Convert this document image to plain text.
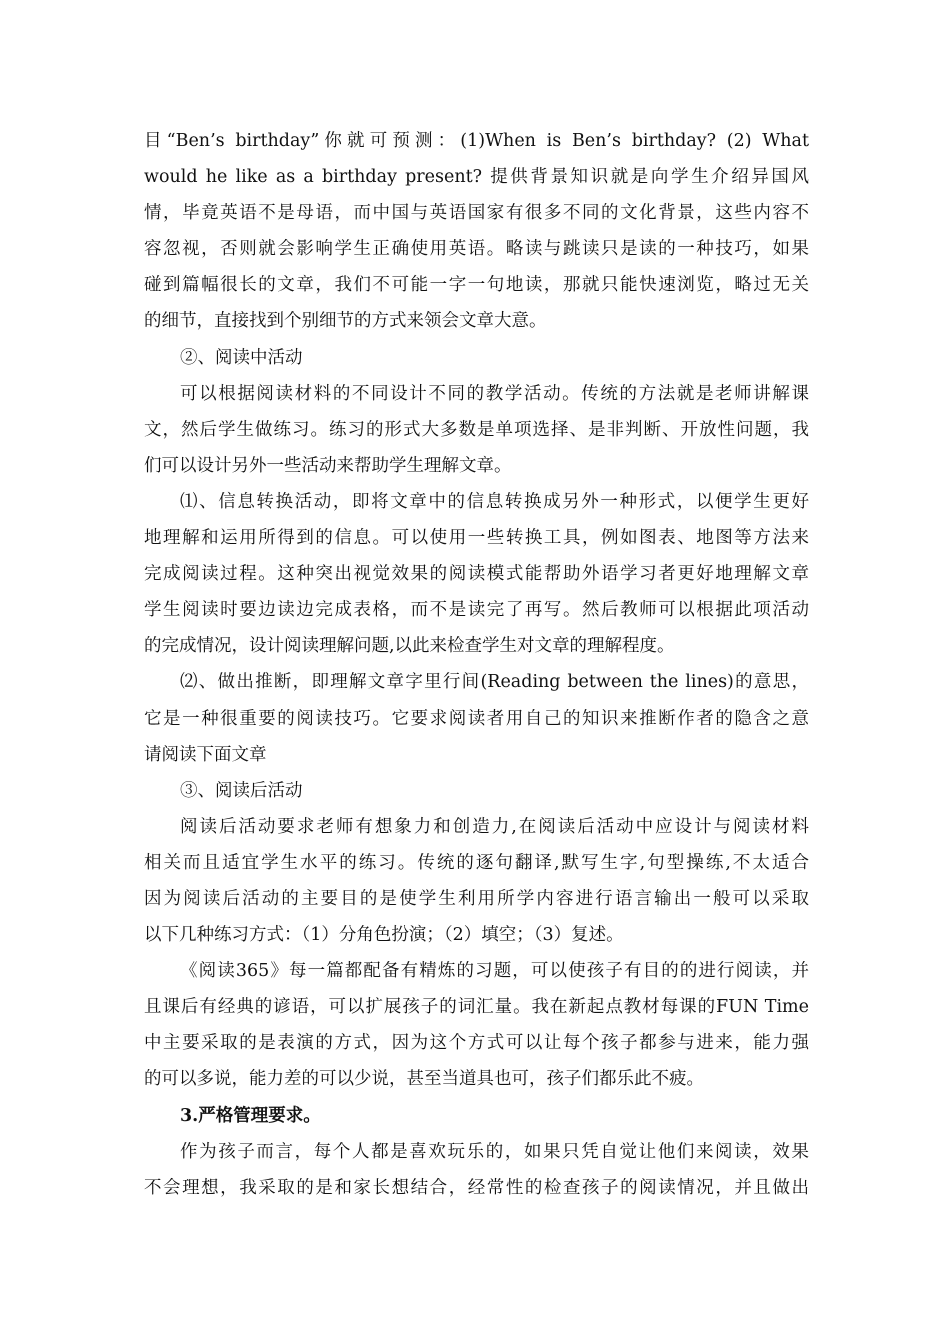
目“Ben’s birthday”你就可预测：(1)When is Ben’s birthday? (2) What
would he like as a birthday present? 提供背景知识就是向学生介绍异国风
情，毕竟英语不是母语，而中国与英语国家有很多不同的文化背景，这些内容不
容忽视，否则就会影响学生正确使用英语。略读与跳读只是读的一种技巧，如果
碰到篇幅很长的文章，我们不可能一字一句地读，那就只能快速浏览，略过无关
的细节，直接找到个别细节的方式来领会文章大意。
②、阅读中活动
可以根据阅读材料的不同设计不同的教学活动。传统的方法就是老师讲解课
文，然后学生做练习。练习的形式大多数是单项选择、是非判断、开放性问题，我
们可以设计另外一些活动来帮助学生理解文章。
⑴、信息转换活动，即将文章中的信息转换成另外一种形式，以便学生更好
地理解和运用所得到的信息。可以使用一些转换工具，例如图表、地图等方法来
完成阅读过程。这种突出视觉效果的阅读模式能帮助外语学习者更好地理解文章
学生阅读时要边读边完成表格，而不是读完了再写。然后教师可以根据此项活动
的完成情况，设计阅读理解问题,以此来检查学生对文章的理解程度。
⑵、做出推断，即理解文章字里行间(Reading between the lines)的意思，
它是一种很重要的阅读技巧。它要求阅读者用自己的知识来推断作者的隐含之意
请阅读下面文章
③、阅读后活动
阅读后活动要求老师有想象力和创造力,在阅读后活动中应设计与阅读材料
相关而且适宜学生水平的练习。传统的逐句翻译,默写生字,句型操练,不太适合
因为阅读后活动的主要目的是使学生利用所学内容进行语言输出一般可以采取
以下几种练习方式：（1）分角色扮演；（2）填空；（3）复述。
《阅读365》每一篇都配备有精炼的习题，可以使孩子有目的的进行阅读，并
且课后有经典的谚语，可以扩展孩子的词汇量。我在新起点教材每课的FUN Time
中主要采取的是表演的方式，因为这个方式可以让每个孩子都参与进来，能力强
的可以多说，能力差的可以少说，甚至当道具也可，孩子们都乐此不疲。
3.严格管理要求。
作为孩子而言，每个人都是喜欢玩乐的，如果只凭自觉让他们来阅读，效果
不会理想，我采取的是和家长想结合，经常性的检查孩子的阅读情况，并且做出
